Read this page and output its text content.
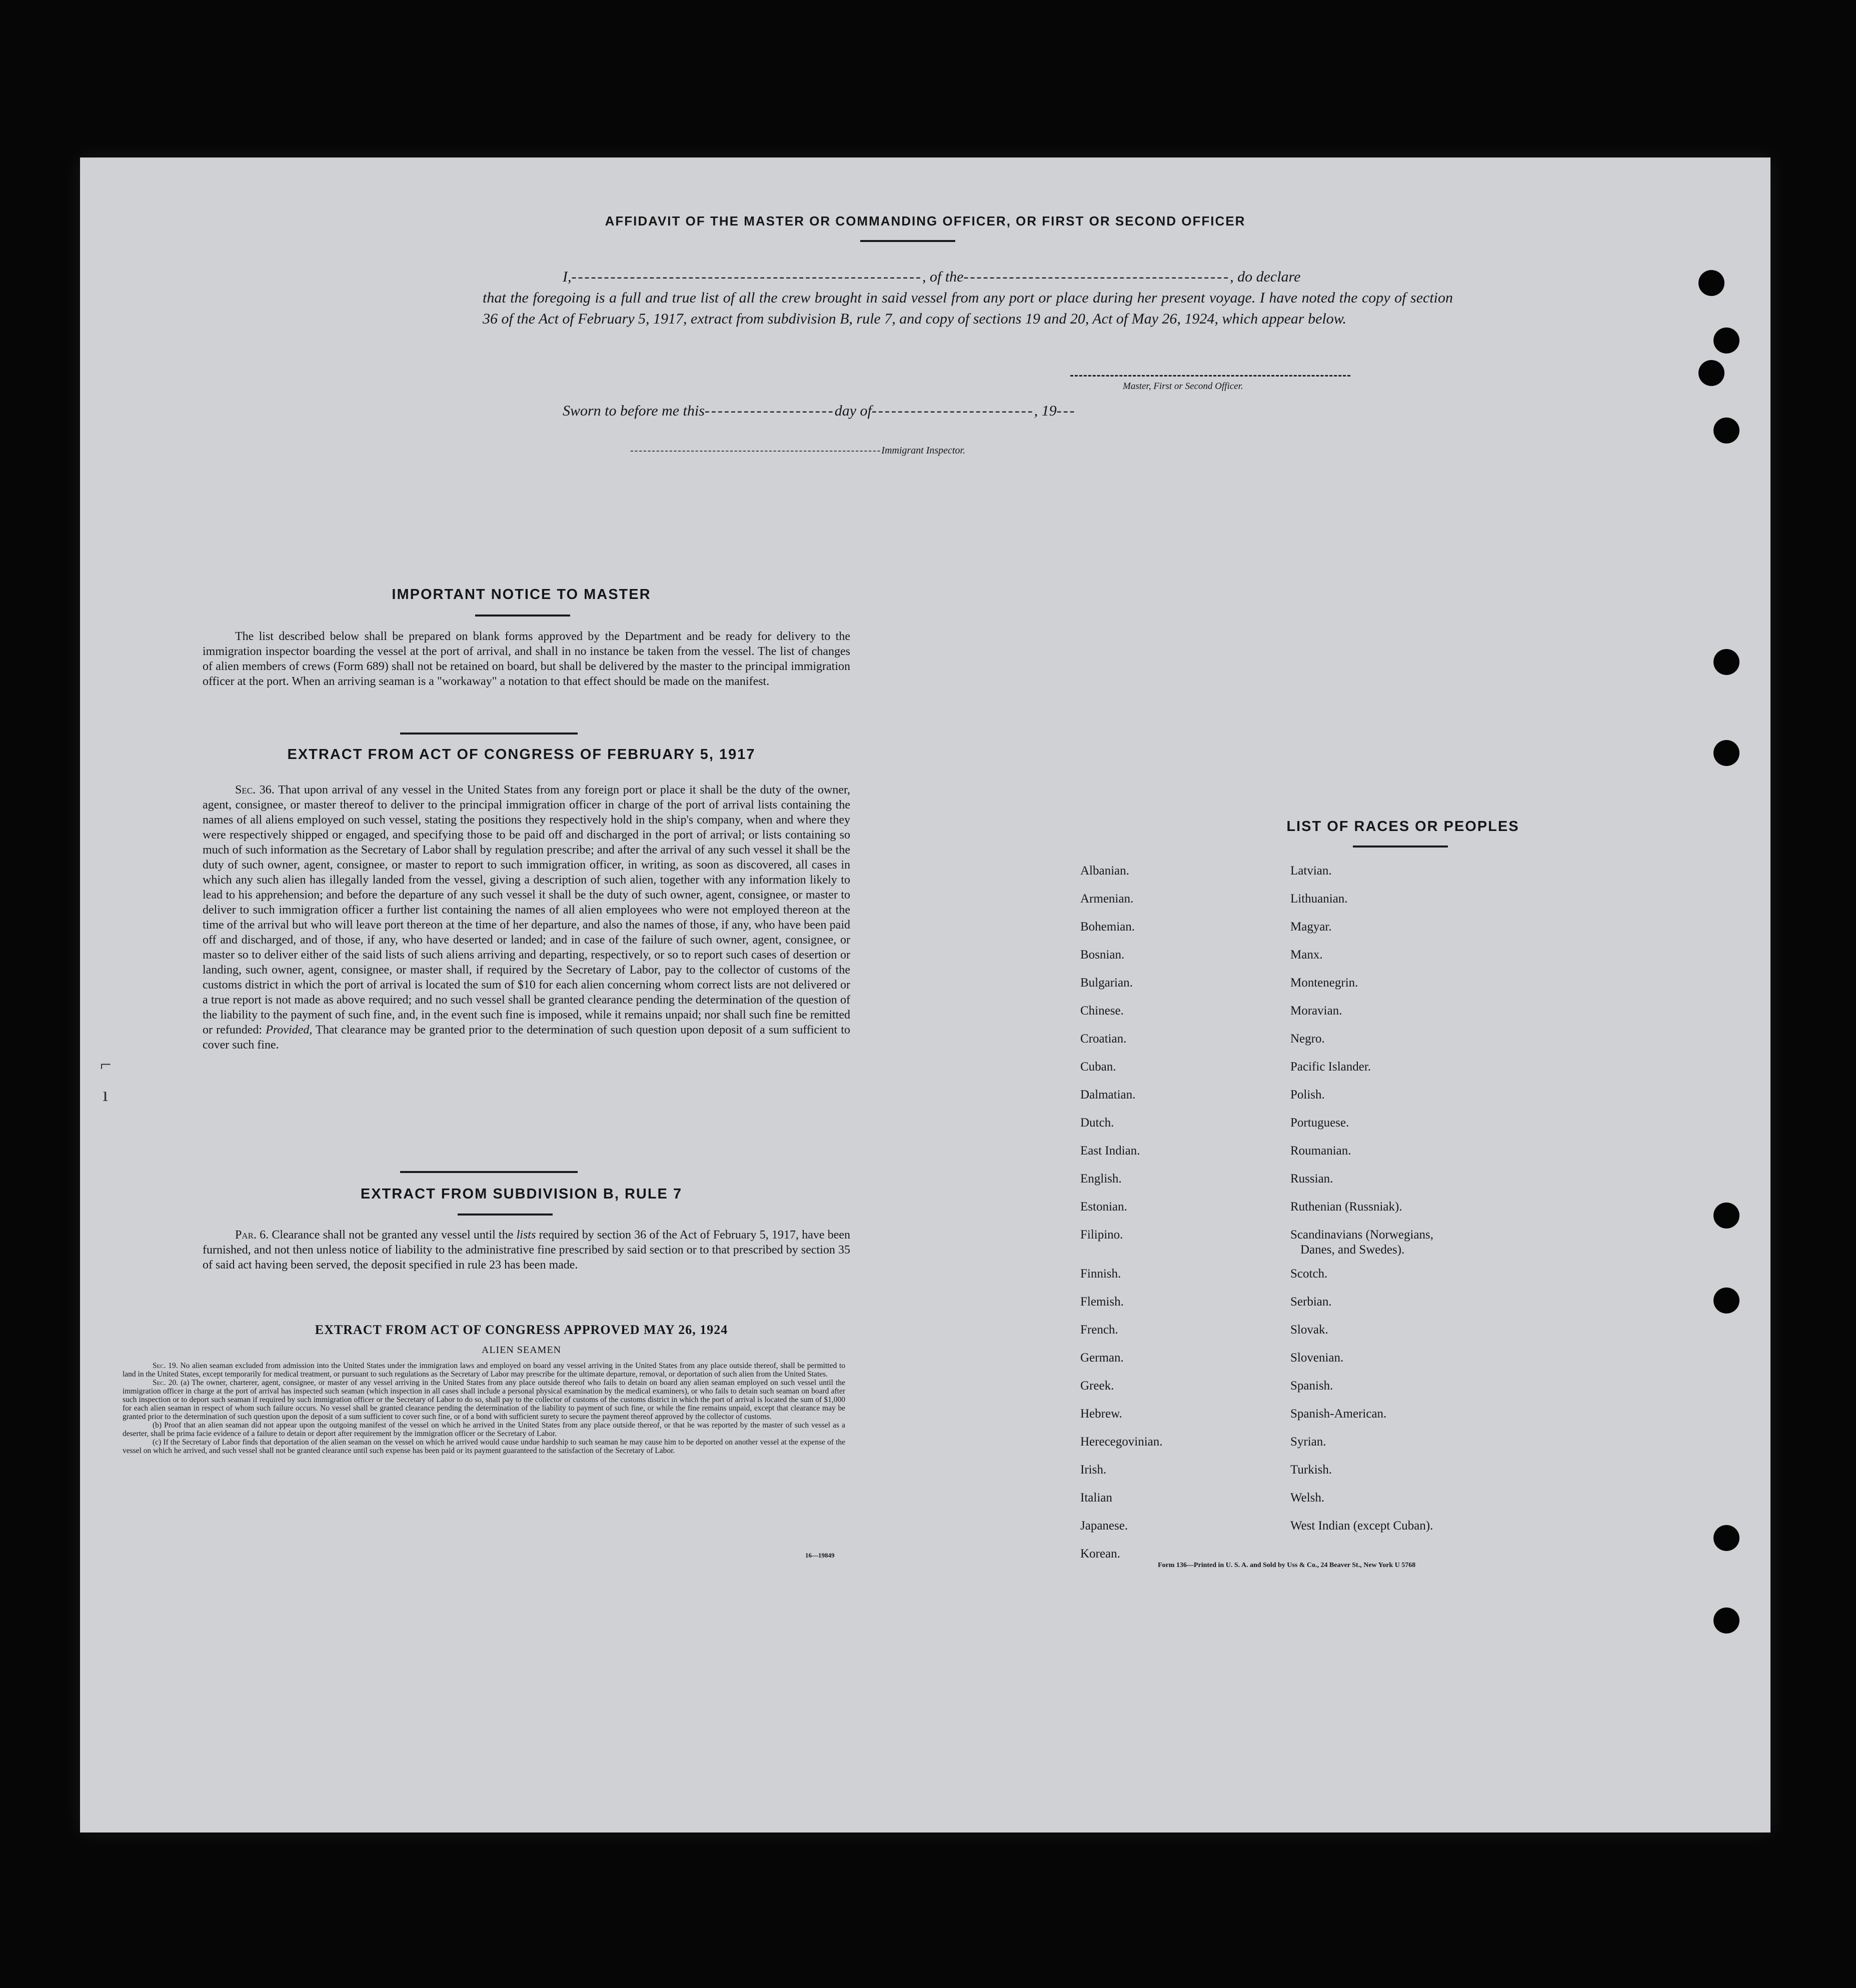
AFFIDAVIT OF THE MASTER OR COMMANDING OFFICER, OR FIRST OR SECOND OFFICER
I,------------------------------------------------------, of the-----------------------------------------, do declare
that the foregoing is a full and true list of all the crew brought in said vessel from any port or place during her present voyage. I have noted the copy of section 36 of the Act of February 5, 1917, extract from subdivision B, rule 7, and copy of sections 19 and 20, Act of May 26, 1924, which appear below.
Master, First or Second Officer.
Sworn to before me this--------------------day of-------------------------, 19---
----------------------------------------------------------Immigrant Inspector.
IMPORTANT NOTICE TO MASTER
The list described below shall be prepared on blank forms approved by the Department and be ready for delivery to the immigration inspector boarding the vessel at the port of arrival, and shall in no instance be taken from the vessel. The list of changes of alien members of crews (Form 689) shall not be retained on board, but shall be delivered by the master to the principal immigration officer at the port. When an arriving seaman is a "workaway" a notation to that effect should be made on the manifest.
EXTRACT FROM ACT OF CONGRESS OF FEBRUARY 5, 1917
Sec. 36. That upon arrival of any vessel in the United States from any foreign port or place it shall be the duty of the owner, agent, consignee, or master thereof to deliver to the principal immigration officer in charge of the port of arrival lists containing the names of all aliens employed on such vessel, stating the positions they respectively hold in the ship's company, when and where they were respectively shipped or engaged, and specifying those to be paid off and discharged in the port of arrival; or lists containing so much of such information as the Secretary of Labor shall by regulation prescribe; and after the arrival of any such vessel it shall be the duty of such owner, agent, consignee, or master to report to such immigration officer, in writing, as soon as discovered, all cases in which any such alien has illegally landed from the vessel, giving a description of such alien, together with any information likely to lead to his apprehension; and before the departure of any such vessel it shall be the duty of such owner, agent, consignee, or master to deliver to such immigration officer a further list containing the names of all alien employees who were not employed thereon at the time of the arrival but who will leave port thereon at the time of her departure, and also the names of those, if any, who have been paid off and discharged, and of those, if any, who have deserted or landed; and in case of the failure of such owner, agent, consignee, or master so to deliver either of the said lists of such aliens arriving and departing, respectively, or so to report such cases of desertion or landing, such owner, agent, consignee, or master shall, if required by the Secretary of Labor, pay to the collector of customs of the customs district in which the port of arrival is located the sum of $10 for each alien concerning whom correct lists are not delivered or a true report is not made as above required; and no such vessel shall be granted clearance pending the determination of the question of the liability to the payment of such fine, and, in the event such fine is imposed, while it remains unpaid; nor shall such fine be remitted or refunded: Provided, That clearance may be granted prior to the determination of such question upon deposit of a sum sufficient to cover such fine.
EXTRACT FROM SUBDIVISION B, RULE 7
Par. 6. Clearance shall not be granted any vessel until the lists required by section 36 of the Act of February 5, 1917, have been furnished, and not then unless notice of liability to the administrative fine prescribed by said section or to that prescribed by section 35 of said act having been served, the deposit specified in rule 23 has been made.
EXTRACT FROM ACT OF CONGRESS APPROVED MAY 26, 1924
ALIEN SEAMEN
Sec. 19. No alien seaman excluded from admission into the United States under the immigration laws and employed on board any vessel arriving in the United States from any place outside thereof, shall be permitted to land in the United States, except temporarily for medical treatment, or pursuant to such regulations as the Secretary of Labor may prescribe for the ultimate departure, removal, or deportation of such alien from the United States.
Sec. 20. (a) The owner, charterer, agent, consignee, or master of any vessel arriving in the United States from any place outside thereof who fails to detain on board any alien seaman employed on such vessel until the immigration officer in charge at the port of arrival has inspected such seaman (which inspection in all cases shall include a personal physical examination by the medical examiners), or who fails to detain such seaman on board after such inspection or to deport such seaman if required by such immigration officer or the Secretary of Labor to do so, shall pay to the collector of customs of the customs district in which the port of arrival is located the sum of $1,000 for each alien seaman in respect of whom such failure occurs. No vessel shall be granted clearance pending the determination of the liability to payment of such fine, or while the fine remains unpaid, except that clearance may be granted prior to the determination of such question upon the deposit of a sum sufficient to cover such fine, or of a bond with sufficient surety to secure the payment thereof approved by the collector of customs.
(b) Proof that an alien seaman did not appear upon the outgoing manifest of the vessel on which he arrived in the United States from any place outside thereof, or that he was reported by the master of such vessel as a deserter, shall be prima facie evidence of a failure to detain or deport after requirement by the immigration officer or the Secretary of Labor.
(c) If the Secretary of Labor finds that deportation of the alien seaman on the vessel on which he arrived would cause undue hardship to such seaman he may cause him to be deported on another vessel at the expense of the vessel on which he arrived, and such vessel shall not be granted clearance until such expense has been paid or its payment guaranteed to the satisfaction of the Secretary of Labor.
16—19849
LIST OF RACES OR PEOPLES
Form 136—Printed in U. S. A. and Sold by Uss & Co., 24 Beaver St., New York U 5768
⌐
ı
Albanian.
Armenian.
Bohemian.
Bosnian.
Bulgarian.
Chinese.
Croatian.
Cuban.
Dalmatian.
Dutch.
East Indian.
English.
Estonian.
Filipino.
Finnish.
Flemish.
French.
German.
Greek.
Hebrew.
Herecegovinian.
Irish.
Italian
Japanese.
Korean.
Latvian.
Lithuanian.
Magyar.
Manx.
Montenegrin.
Moravian.
Negro.
Pacific Islander.
Polish.
Portuguese.
Roumanian.
Russian.
Ruthenian (Russniak).
Scandinavians (Norwegians,
Danes, and Swedes).
Scotch.
Serbian.
Slovak.
Slovenian.
Spanish.
Spanish-American.
Syrian.
Turkish.
Welsh.
West Indian (except Cuban).
